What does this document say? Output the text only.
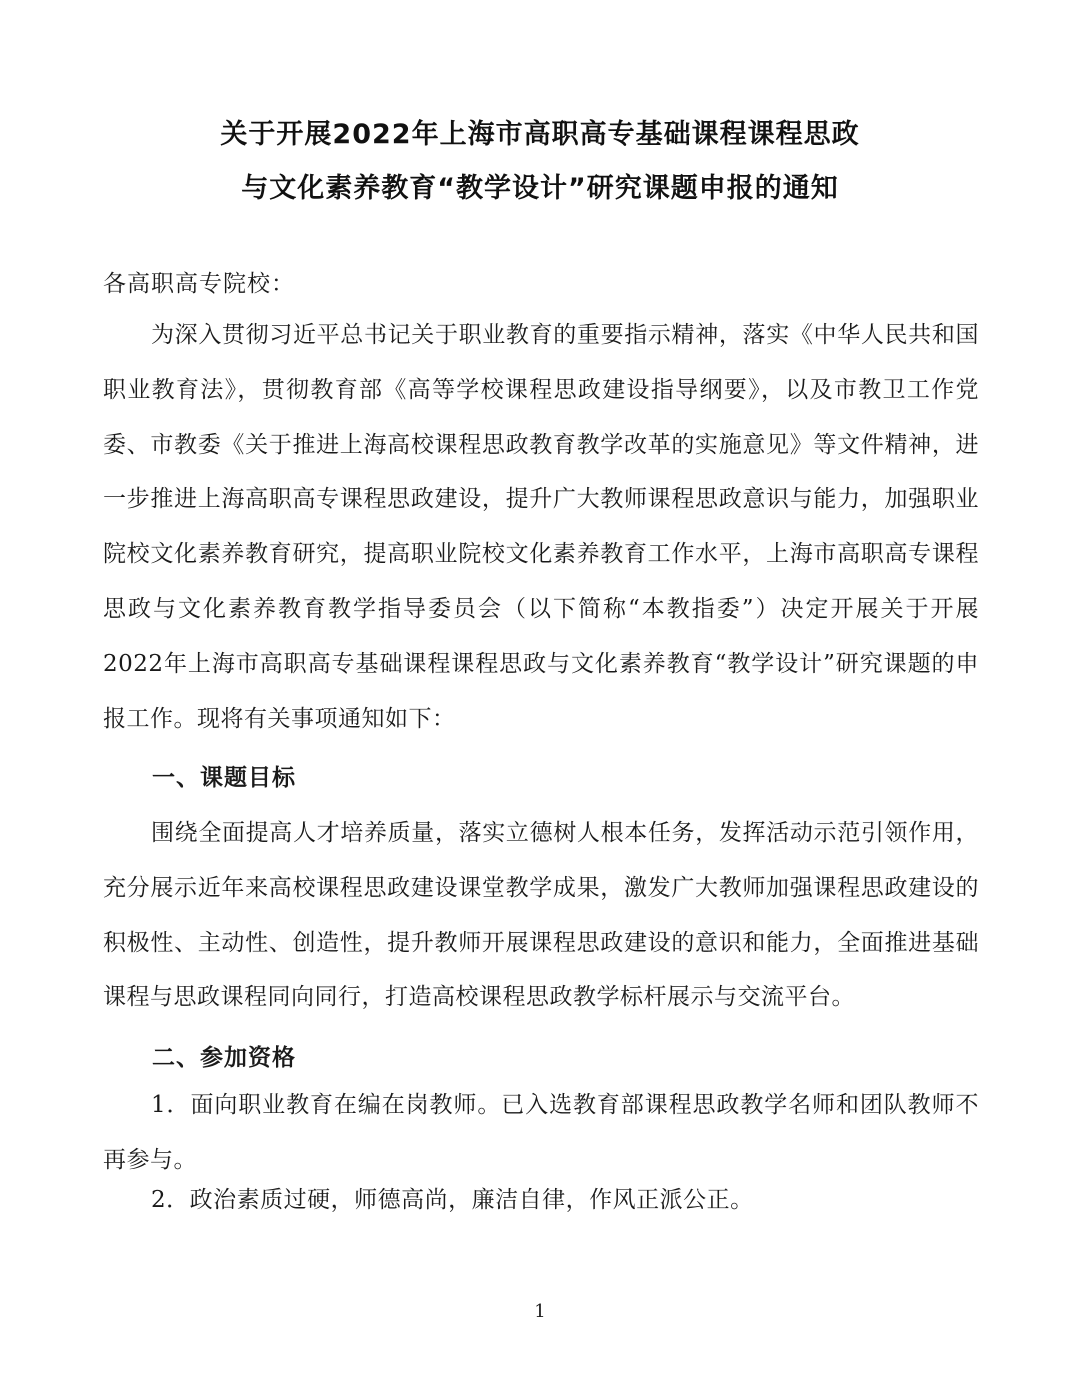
关于开展2022年上海市高职高专基础课程课程思政
与文化素养教育“教学设计”研究课题申报的通知
各高职高专院校：

为深入贯彻习近平总书记关于职业教育的重要指示精神，落实《中华人民共和国职业教育法》，贯彻教育部《高等学校课程思政建设指导纲要》，以及市教卫工作党委、市教委《关于推进上海高校课程思政教育教学改革的实施意见》等文件精神，进一步推进上海高职高专课程思政建设，提升广大教师课程思政意识与能力，加强职业院校文化素养教育研究，提高职业院校文化素养教育工作水平，上海市高职高专课程思政与文化素养教育教学指导委员会（以下简称“本教指委”）决定开展关于开展2022年上海市高职高专基础课程课程思政与文化素养教育“教学设计”研究课题的申报工作。现将有关事项通知如下：

一、课题目标

围绕全面提高人才培养质量，落实立德树人根本任务，发挥活动示范引领作用，充分展示近年来高校课程思政建设课堂教学成果，激发广大教师加强课程思政建设的积极性、主动性、创造性，提升教师开展课程思政建设的意识和能力，全面推进基础课程与思政课程同向同行，打造高校课程思政教学标杆展示与交流平台。

二、参加资格

1．面向职业教育在编在岗教师。已入选教育部课程思政教学名师和团队教师不再参与。

2．政治素质过硬，师德高尚，廉洁自律，作风正派公正。

1
